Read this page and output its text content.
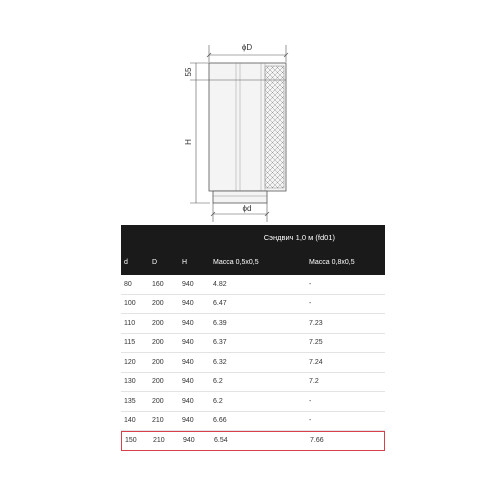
ϕD
55
H
ϕd
Сэндвич 1,0 м (fd01)
d	D	H	Масса 0,5х0,5	Масса 0,8х0,5
80	160	940	4.82	-
100	200	940	6.47	-
110	200	940	6.39	7.23
115	200	940	6.37	7.25
120	200	940	6.32	7.24
130	200	940	6.2	7.2
135	200	940	6.2	-
140	210	940	6.66	-
150	210	940	6.54	7.66
